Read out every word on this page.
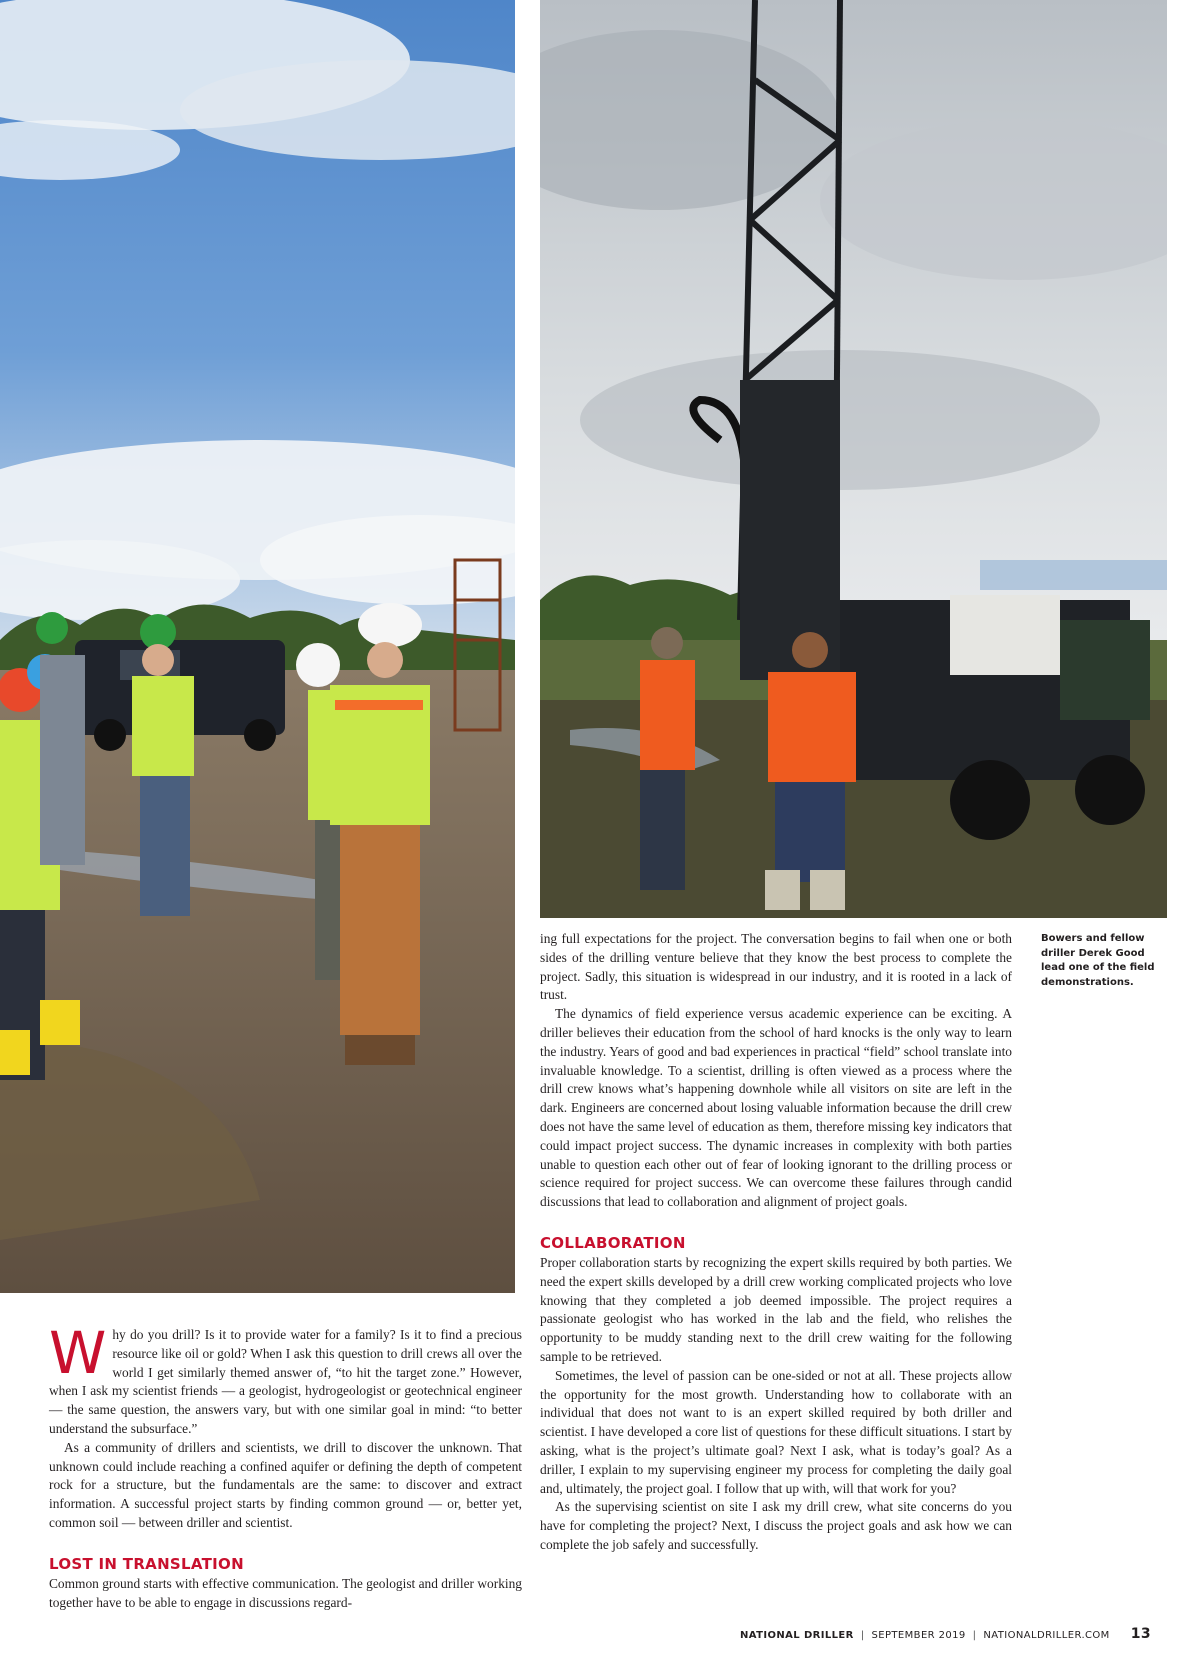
Bowers and fellow driller Derek Good lead one of the field demonstrations.

Why do you drill? Is it to provide water for a family? Is it to find a precious resource like oil or gold? When I ask this question to drill crews all over the world I get similarly themed answer of, “to hit the target zone.” However, when I ask my scientist friends — a geologist, hydrogeologist or geotechnical engineer — the same question, the answers vary, but with one similar goal in mind: “to better understand the subsurface.”

As a community of drillers and scientists, we drill to discover the unknown. That unknown could include reaching a confined aquifer or defining the depth of competent rock for a structure, but the fundamentals are the same: to discover and extract information. A successful project starts by finding common ground — or, better yet, common soil — between driller and scientist.

LOST IN TRANSLATION

Common ground starts with effective communication. The geologist and driller working together have to be able to engage in discussions regard-

ing full expectations for the project. The conversation begins to fail when one or both sides of the drilling venture believe that they know the best process to complete the project. Sadly, this situation is widespread in our industry, and it is rooted in a lack of trust.

The dynamics of field experience versus academic experience can be exciting. A driller believes their education from the school of hard knocks is the only way to learn the industry. Years of good and bad experiences in practical “field” school translate into invaluable knowledge. To a scientist, drilling is often viewed as a process where the drill crew knows what’s happening downhole while all visitors on site are left in the dark. Engineers are concerned about losing valuable information because the drill crew does not have the same level of education as them, therefore missing key indicators that could impact project success. The dynamic increases in complexity with both parties unable to question each other out of fear of looking ignorant to the drilling process or science required for project success. We can overcome these failures through candid discussions that lead to collaboration and alignment of project goals.

COLLABORATION

Proper collaboration starts by recognizing the expert skills required by both parties. We need the expert skills developed by a drill crew working complicated projects who love knowing that they completed a job deemed impossible. The project requires a passionate geologist who has worked in the lab and the field, who relishes the opportunity to be muddy standing next to the drill crew waiting for the following sample to be retrieved.

Sometimes, the level of passion can be one-sided or not at all. These projects allow the opportunity for the most growth. Understanding how to collaborate with an individual that does not want to is an expert skilled required by both driller and scientist. I have developed a core list of questions for these difficult situations. I start by asking, what is the project’s ultimate goal? Next I ask, what is today’s goal? As a driller, I explain to my supervising engineer my process for completing the daily goal and, ultimately, the project goal. I follow that up with, will that work for you?

As the supervising scientist on site I ask my drill crew, what site concerns do you have for completing the project? Next, I discuss the project goals and ask how we can complete the job safely and successfully.

NATIONAL DRILLER | SEPTEMBER 2019 | NATIONALDRILLER.COM 13
